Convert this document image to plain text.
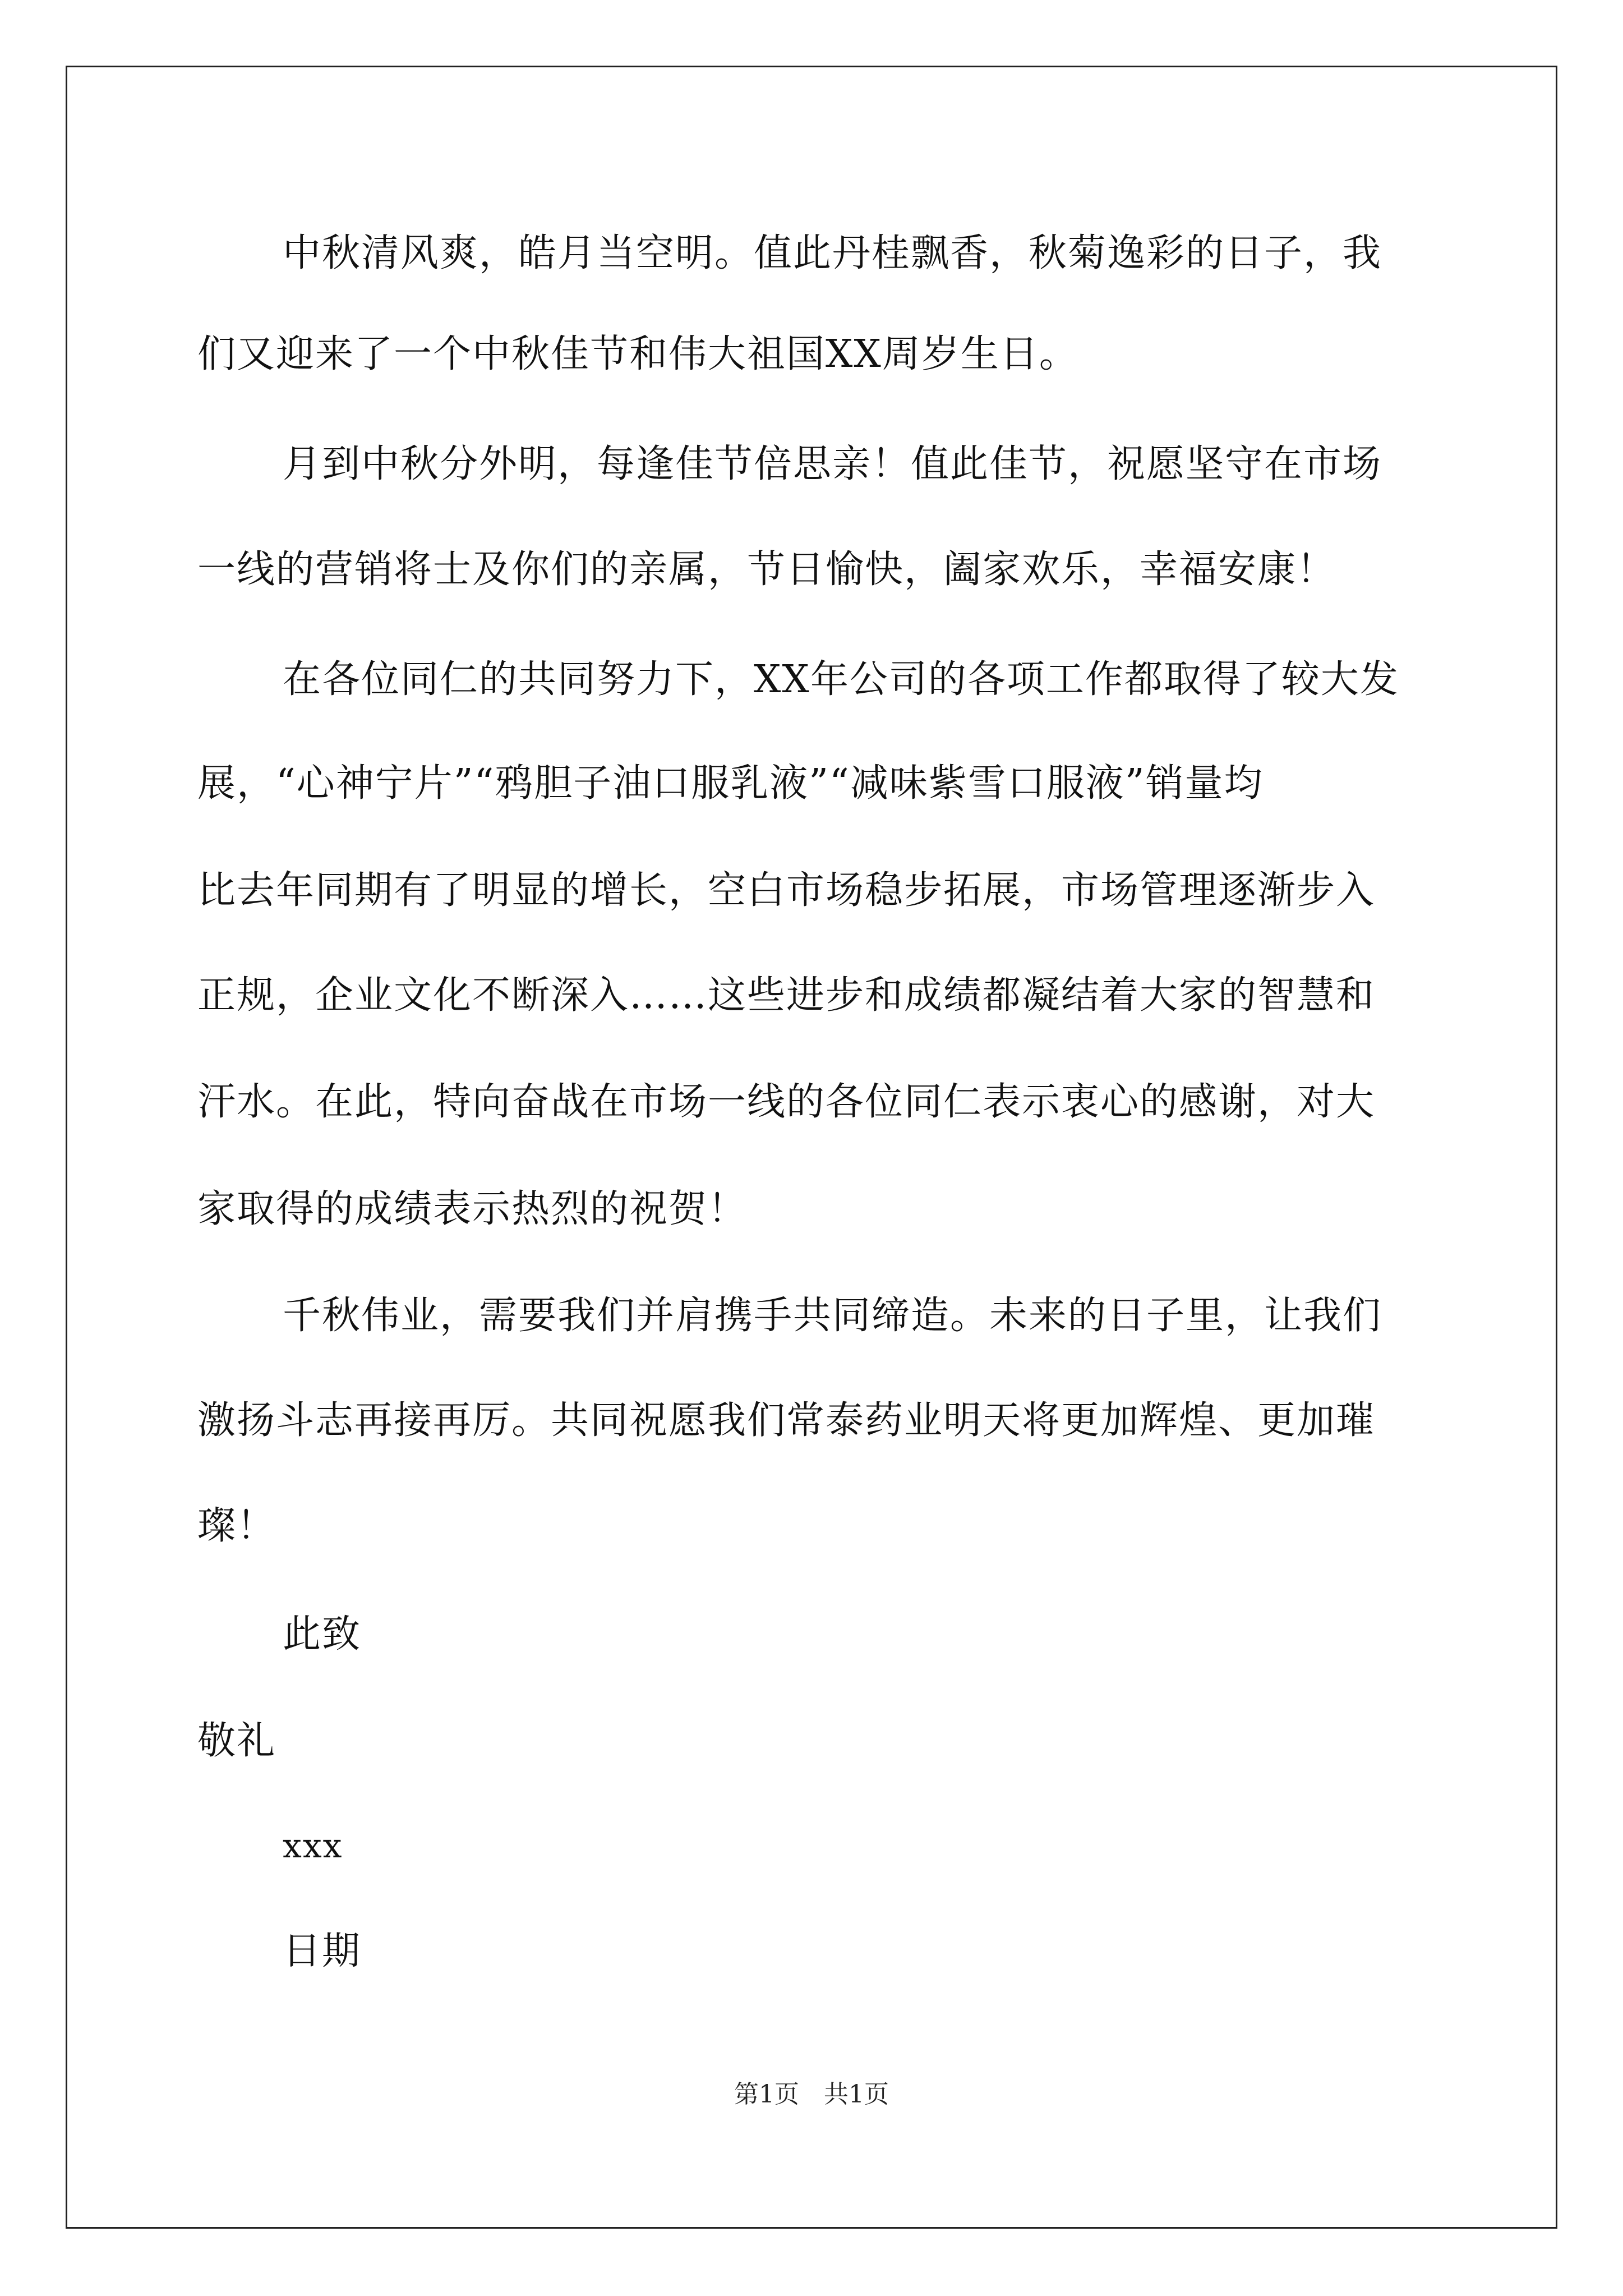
中秋清风爽，皓月当空明。值此丹桂飘香，秋菊逸彩的日子，我
们又迎来了一个中秋佳节和伟大祖国XX周岁生日。
月到中秋分外明，每逢佳节倍思亲！值此佳节，祝愿坚守在市场
一线的营销将士及你们的亲属，节日愉快，阖家欢乐，幸福安康！
在各位同仁的共同努力下，XX年公司的各项工作都取得了较大发
展，“心神宁片”“鸦胆子油口服乳液”“减味紫雪口服液”销量均
比去年同期有了明显的增长，空白市场稳步拓展，市场管理逐渐步入
正规，企业文化不断深入……这些进步和成绩都凝结着大家的智慧和
汗水。在此，特向奋战在市场一线的各位同仁表示衷心的感谢，对大
家取得的成绩表示热烈的祝贺！
千秋伟业，需要我们并肩携手共同缔造。未来的日子里，让我们
激扬斗志再接再厉。共同祝愿我们常泰药业明天将更加辉煌、更加璀
璨！
此致
敬礼
xxx
日期
第1页　共1页
